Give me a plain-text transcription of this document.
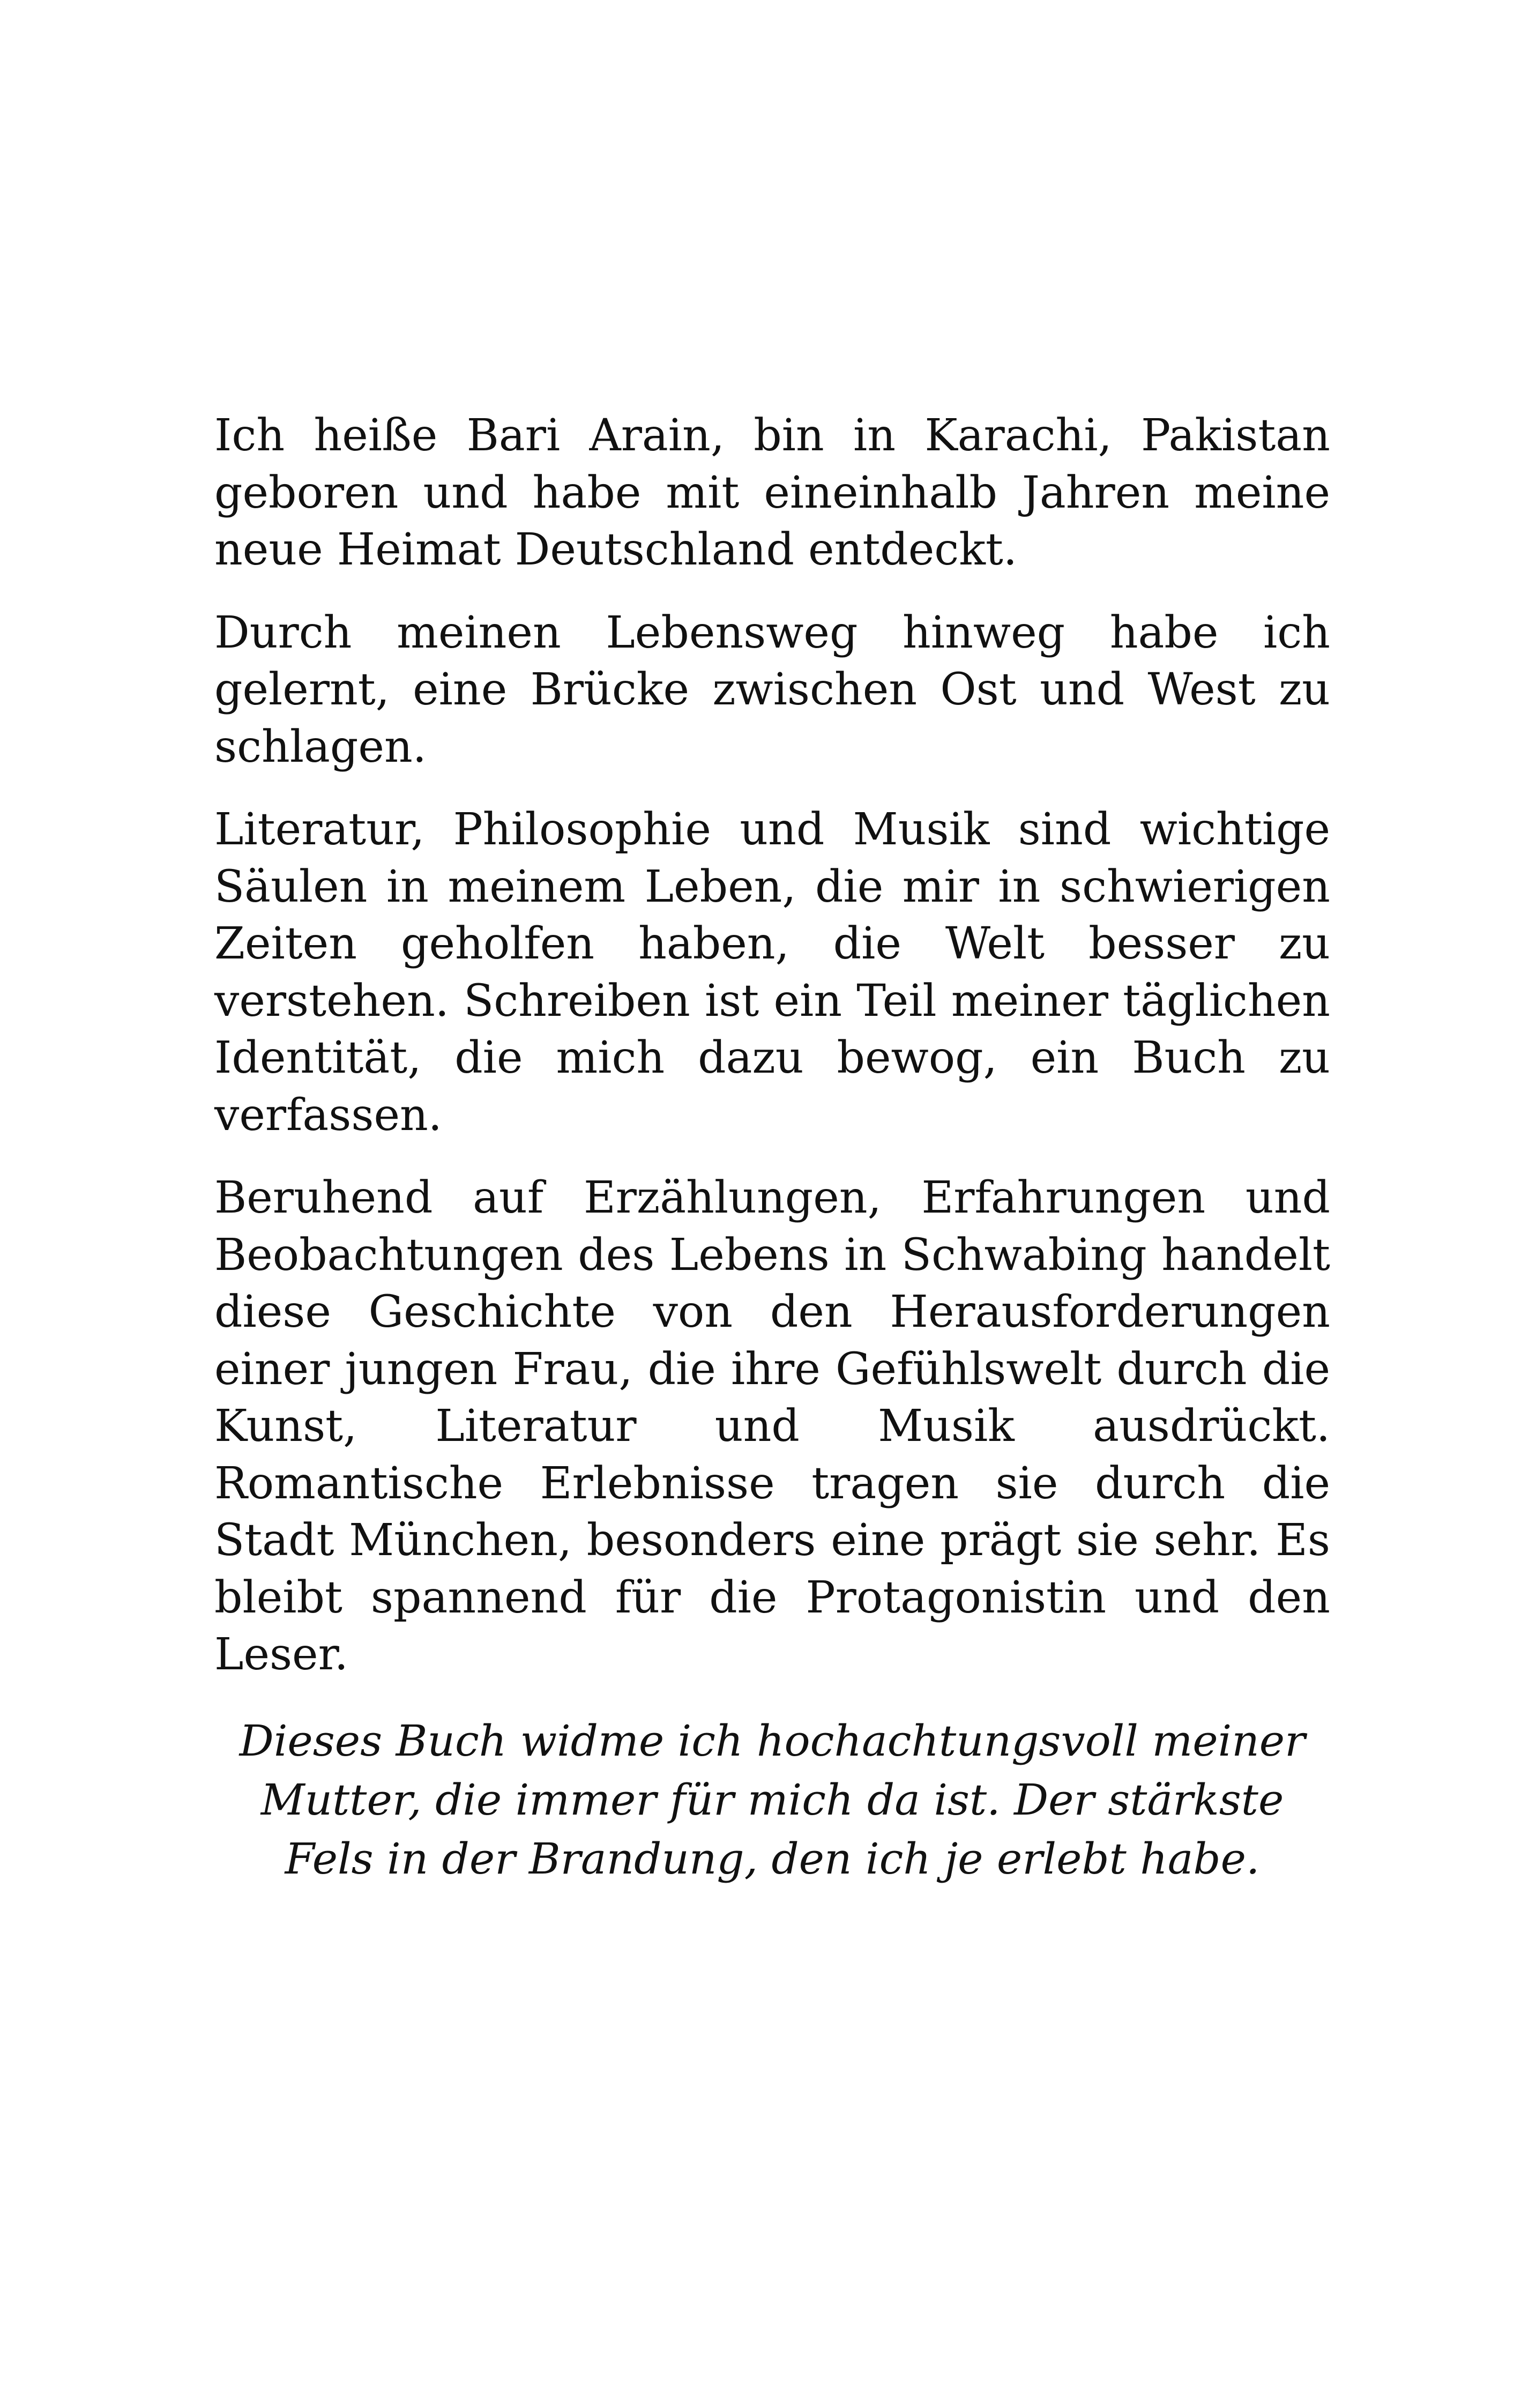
Ich heiße Bari Arain, bin in Karachi, Pakistan geboren und habe mit eineinhalb Jahren meine neue Heimat Deutschland entdeckt.

Durch meinen Lebensweg hinweg habe ich gelernt, eine Brücke zwischen Ost und West zu schlagen.

Literatur, Philosophie und Musik sind wichtige Säulen in meinem Leben, die mir in schwierigen Zeiten geholfen haben, die Welt besser zu verstehen. Schreiben ist ein Teil meiner täglichen Identität, die mich dazu bewog, ein Buch zu verfassen.

Beruhend auf Erzählungen, Erfahrungen und Beobachtungen des Lebens in Schwabing handelt diese Geschichte von den Herausforderungen einer jungen Frau, die ihre Gefühlswelt durch die Kunst, Literatur und Musik ausdrückt. Romantische Erlebnisse tragen sie durch die Stadt München, besonders eine prägt sie sehr. Es bleibt spannend für die Protagonistin und den Leser.

Dieses Buch widme ich hochachtungsvoll meiner Mutter, die immer für mich da ist. Der stärkste Fels in der Brandung, den ich je erlebt habe.
